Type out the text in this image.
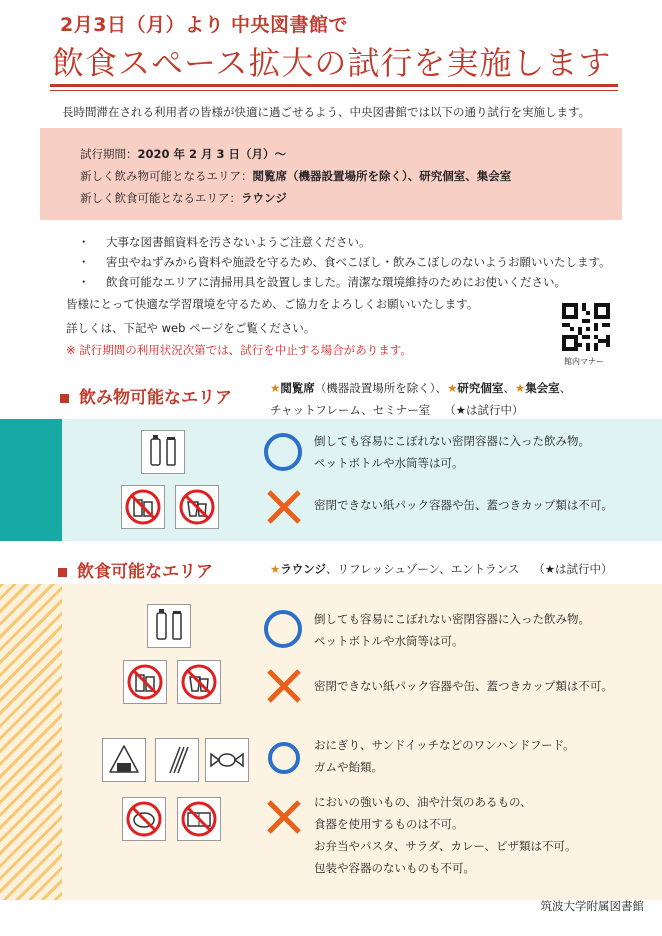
2月3日（月）より 中央図書館で
飲食スペース拡大の試行を実施します
長時間滞在される利用者の皆様が快適に過ごせるよう、中央図書館では以下の通り試行を実施します。
試行期間：2020 年 2 月 3 日（月）～
新しく飲み物可能となるエリア：閲覧席（機器設置場所を除く）、研究個室、集会室
新しく飲食可能となるエリア：ラウンジ
・ 大事な図書館資料を汚さないようご注意ください。
・ 害虫やねずみから資料や施設を守るため、食べこぼし・飲みこぼしのないようお願いいたします。
・ 飲食可能なエリアに清掃用具を設置しました。清潔な環境維持のためにお使いください。
皆様にとって快適な学習環境を守るため、ご協力をよろしくお願いいたします。
詳しくは、下記や web ページをご覧ください。
※ 試行期間の利用状況次第では、試行を中止する場合があります。
館内マナー
飲み物可能なエリア	★閲覧席（機器設置場所を除く）、★研究個室、★集会室、
チャットフレーム、セミナー室 （★は試行中）
倒しても容易にこぼれない密閉容器に入った飲み物。
ペットボトルや水筒等は可。
密閉できない紙パック容器や缶、蓋つきカップ類は不可。
飲食可能なエリア	★ラウンジ、リフレッシュゾーン、エントランス （★は試行中）
倒しても容易にこぼれない密閉容器に入った飲み物。
ペットボトルや水筒等は可。
密閉できない紙パック容器や缶、蓋つきカップ類は不可。
おにぎり、サンドイッチなどのワンハンドフード。
ガムや飴類。
においの強いもの、油や汁気のあるもの、
食器を使用するものは不可。
お弁当やパスタ、サラダ、カレー、ピザ類は不可。
包装や容器のないものも不可。
筑波大学附属図書館
